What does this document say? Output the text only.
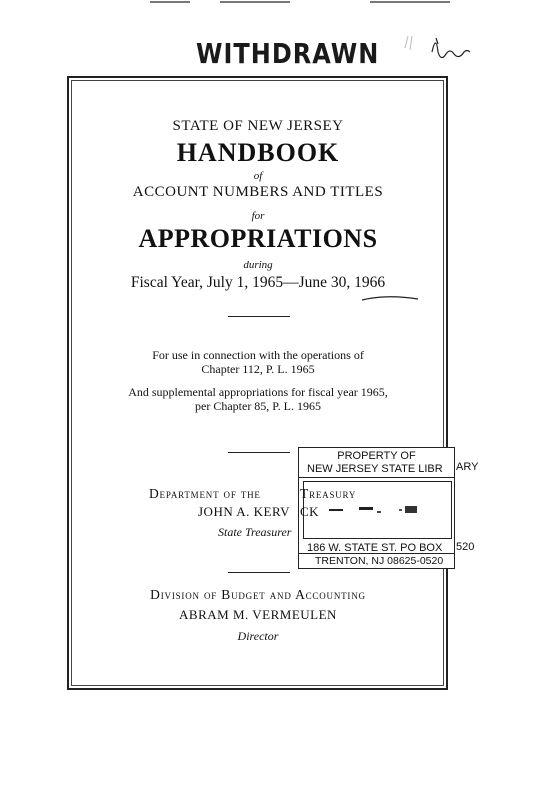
WITHDRAWN

STATE OF NEW JERSEY

HANDBOOK

of

ACCOUNT NUMBERS AND TITLES

for

APPROPRIATIONS

during

Fiscal Year, July 1, 1965—June 30, 1966

For use in connection with the operations of

Chapter 112, P. L. 1965

And supplemental appropriations for fiscal year 1965,

per Chapter 85, P. L. 1965

Department of the
JOHN A. KERV
State Treasurer
PROPERTY OF
NEW JERSEY STATE LIBR
186 W. STATE ST. PO BOX
TRENTON, NJ 08625-0520
Treasury
CK
ARY
520

Division of Budget and Accounting

ABRAM M. VERMEULEN

Director
